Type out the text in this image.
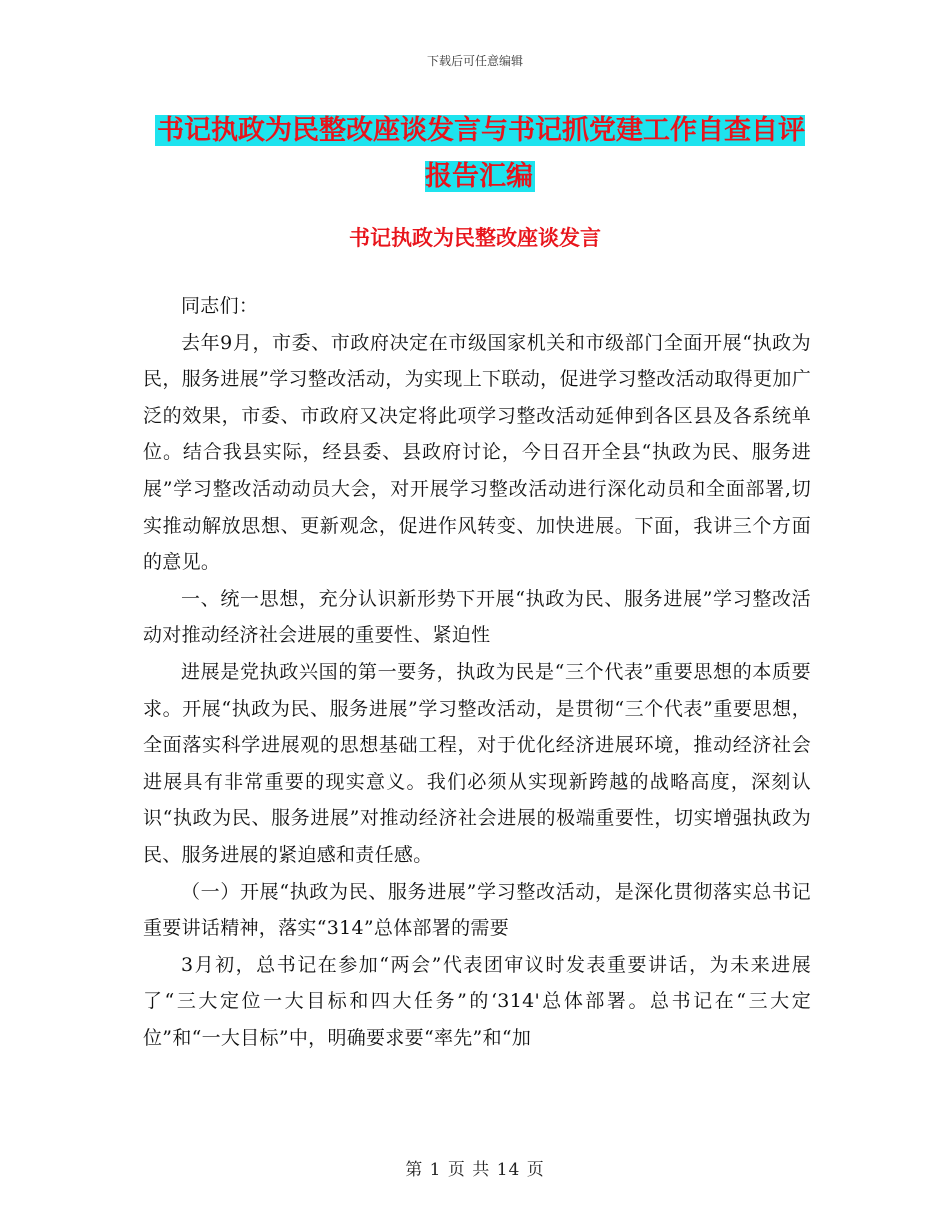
下载后可任意编辑
书记执政为民整改座谈发言与书记抓党建工作自查自评报告汇编
书记执政为民整改座谈发言

同志们：

去年9月，市委、市政府决定在市级国家机关和市级部门全面开展“执政为民，服务进展”学习整改活动，为实现上下联动，促进学习整改活动取得更加广泛的效果，市委、市政府又决定将此项学习整改活动延伸到各区县及各系统单位。结合我县实际，经县委、县政府讨论，今日召开全县“执政为民、服务进展”学习整改活动动员大会，对开展学习整改活动进行深化动员和全面部署,切实推动解放思想、更新观念，促进作风转变、加快进展。下面，我讲三个方面的意见。

一、统一思想，充分认识新形势下开展“执政为民、服务进展”学习整改活动对推动经济社会进展的重要性、紧迫性

进展是党执政兴国的第一要务，执政为民是“三个代表”重要思想的本质要求。开展“执政为民、服务进展”学习整改活动，是贯彻“三个代表”重要思想，全面落实科学进展观的思想基础工程，对于优化经济进展环境，推动经济社会进展具有非常重要的现实意义。我们必须从实现新跨越的战略高度，深刻认识“执政为民、服务进展”对推动经济社会进展的极端重要性，切实增强执政为民、服务进展的紧迫感和责任感。

（一）开展“执政为民、服务进展”学习整改活动，是深化贯彻落实总书记重要讲话精神，落实“314”总体部署的需要

3月初，总书记在参加“两会”代表团审议时发表重要讲话，为未来进展了“三大定位一大目标和四大任务”的‘314'总体部署。总书记在“三大定位”和“一大目标”中，明确要求要“率先”和“加

第 1 页 共 14 页
